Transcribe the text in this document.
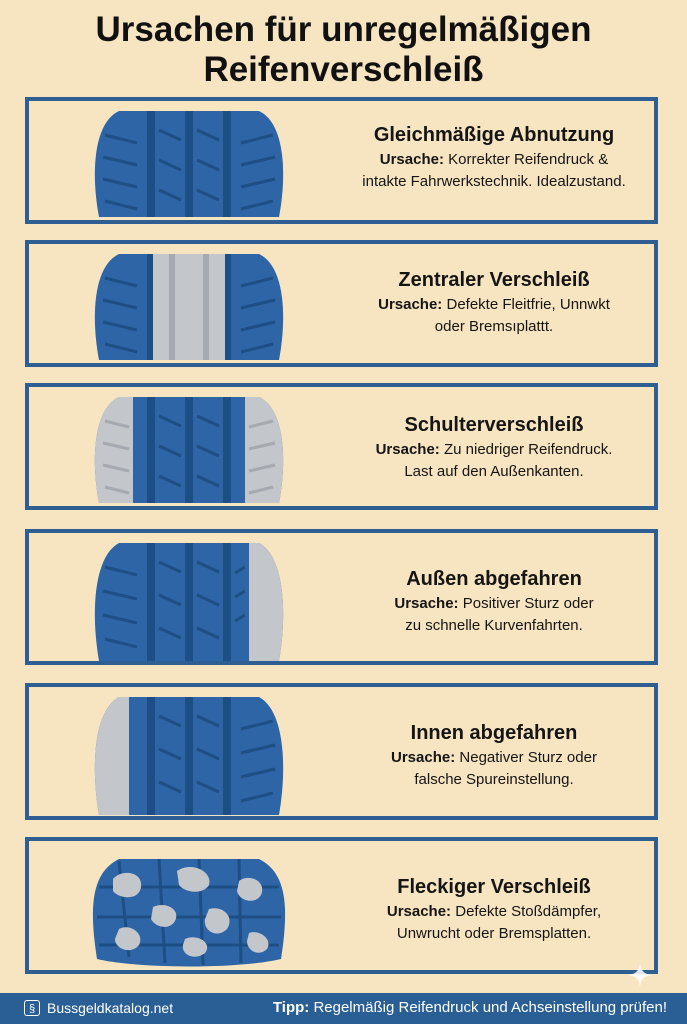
Ursachen für unregelmäßigen
Reifenverschleiß
Gleichmäßige Abnutzung
Ursache: Korrekter Reifendruck &
intakte Fahrwerkstechnik. Idealzustand.
Zentraler Verschleiß
Ursache: Defekte Fleitfrie, Unnwkt
oder Bremsıplattt.
Schulterverschleiß
Ursache: Zu niedriger Reifendruck.
Last auf den Außenkanten.
Außen abgefahren
Ursache: Positiver Sturz oder
zu schnelle Kurvenfahrten.
Innen abgefahren
Ursache: Negativer Sturz oder
falsche Spureinstellung.
Fleckiger Verschleiß
Ursache: Defekte Stoßdämpfer,
Unwrucht oder Bremsplatten.
§ Bussgeldkatalog.net	Tipp: Regelmäßig Reifendruck und Achseinstellung prüfen!
